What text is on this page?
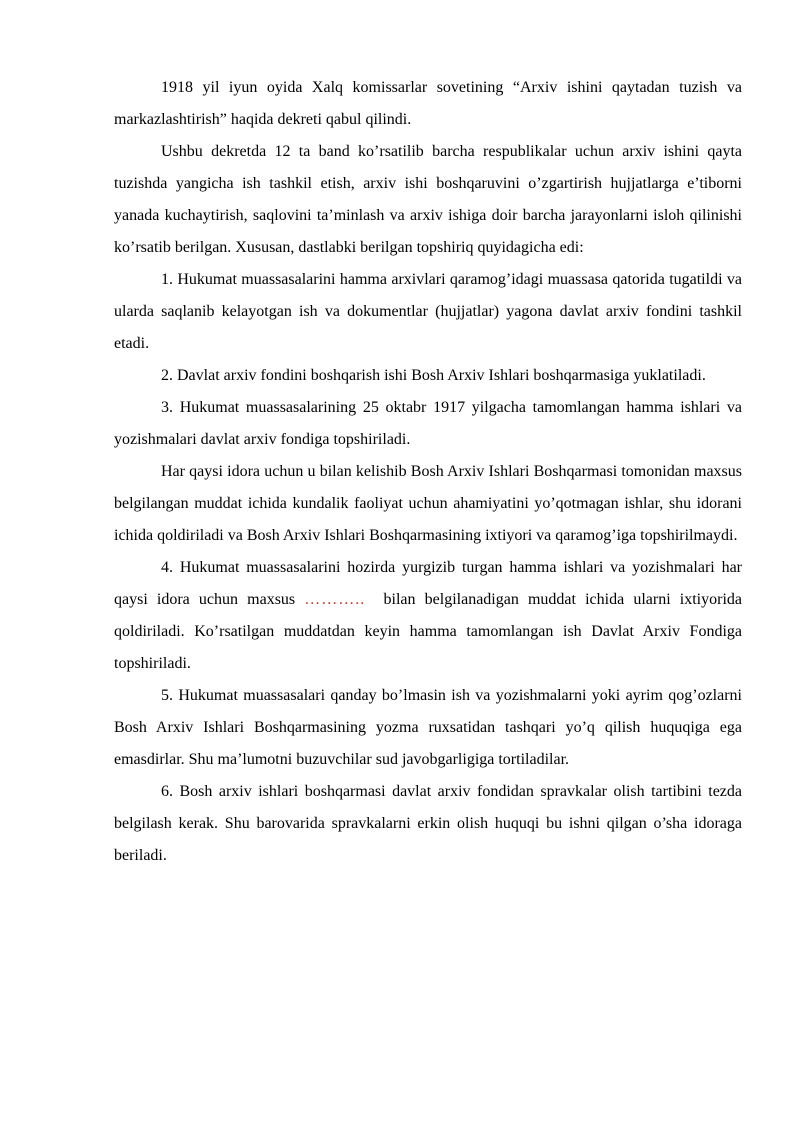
1918 yil iyun oyida Xalq komissarlar sovetining “Arxiv ishini qaytadan tuzish va markazlashtirish” haqida dekreti qabul qilindi.

Ushbu dekretda 12 ta band ko’rsatilib barcha respublikalar uchun arxiv ishini qayta tuzishda yangicha ish tashkil etish, arxiv ishi boshqaruvini o’zgartirish hujjatlarga e’tiborni yanada kuchaytirish, saqlovini ta’minlash va arxiv ishiga doir barcha jarayonlarni isloh qilinishi ko’rsatib berilgan. Xususan, dastlabki berilgan topshiriq quyidagicha edi:

1. Hukumat muassasalarini hamma arxivlari qaramog’idagi muassasa qatorida tugatildi va ularda saqlanib kelayotgan ish va dokumentlar (hujjatlar) yagona davlat arxiv fondini tashkil etadi.

2. Davlat arxiv fondini boshqarish ishi Bosh Arxiv Ishlari boshqarmasiga yuklatiladi.

3. Hukumat muassasalarining 25 oktabr 1917 yilgacha tamomlangan hamma ishlari va yozishmalari davlat arxiv fondiga topshiriladi.

Har qaysi idora uchun u bilan kelishib Bosh Arxiv Ishlari Boshqarmasi tomonidan maxsus belgilangan muddat ichida kundalik faoliyat uchun ahamiyatini yo’qotmagan ishlar, shu idorani ichida qoldiriladi va Bosh Arxiv Ishlari Boshqarmasining ixtiyori va qaramog’iga topshirilmaydi.

4. Hukumat muassasalarini hozirda yurgizib turgan hamma ishlari va yozishmalari har qaysi idora uchun maxsus ………..  bilan belgilanadigan muddat ichida ularni ixtiyorida qoldiriladi. Ko’rsatilgan muddatdan keyin hamma tamomlangan ish Davlat Arxiv Fondiga topshiriladi.

5. Hukumat muassasalari qanday bo’lmasin ish va yozishmalarni yoki ayrim qog’ozlarni Bosh Arxiv Ishlari Boshqarmasining yozma ruxsatidan tashqari yo’q qilish huquqiga ega emasdirlar. Shu ma’lumotni buzuvchilar sud javobgarligiga tortiladilar.

6. Bosh arxiv ishlari boshqarmasi davlat arxiv fondidan spravkalar olish tartibini tezda belgilash kerak. Shu barovarida spravkalarni erkin olish huquqi bu ishni qilgan o’sha idoraga beriladi.
